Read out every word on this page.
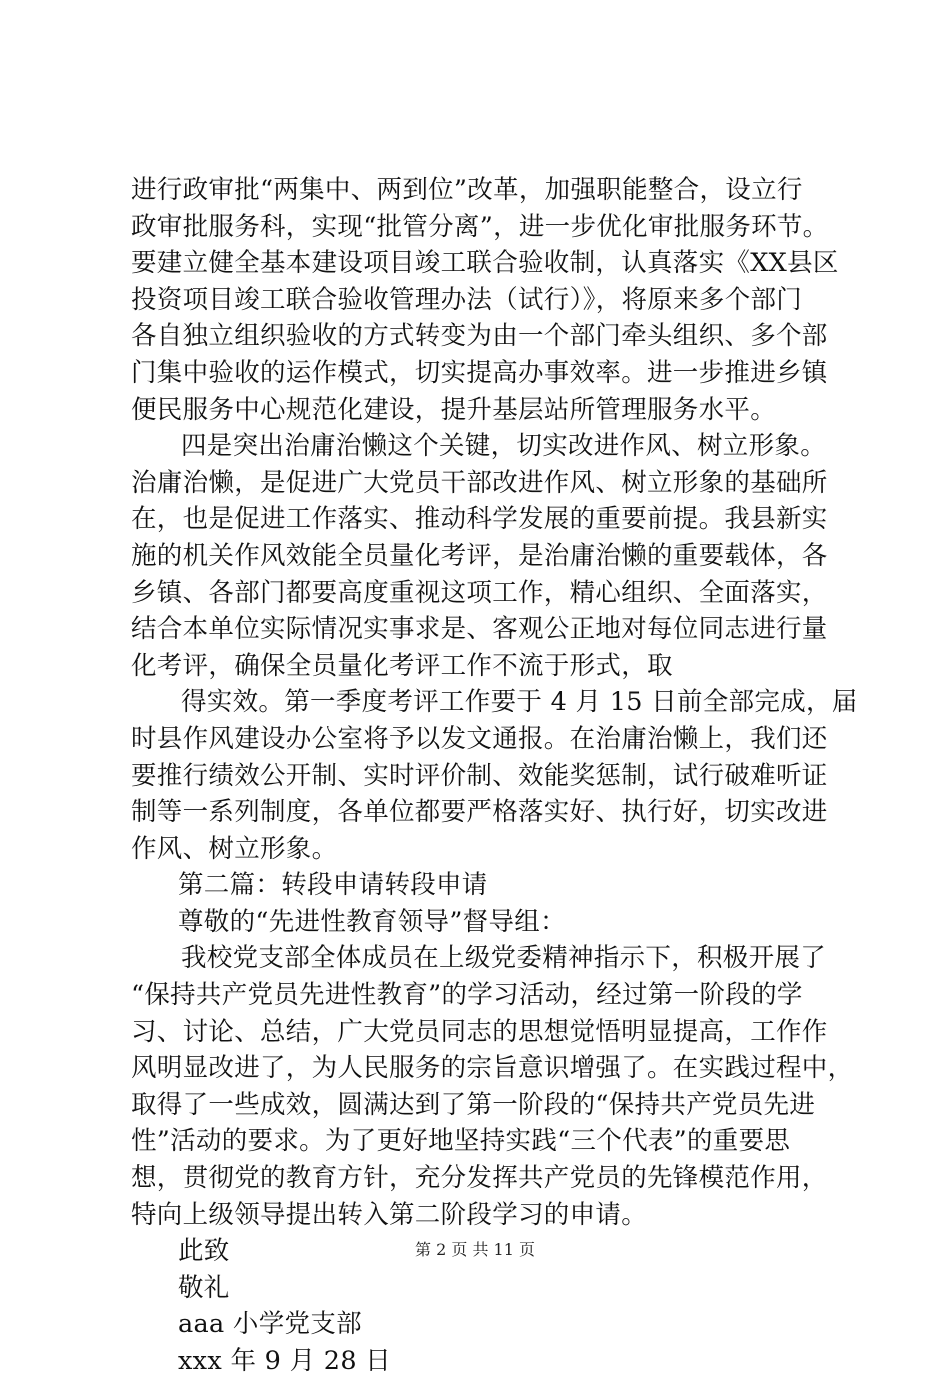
进行政审批“两集中、两到位”改革，加强职能整合，设立行
政审批服务科，实现“批管分离”，进一步优化审批服务环节。
要建立健全基本建设项目竣工联合验收制，认真落实《XX县区
投资项目竣工联合验收管理办法（试行）》，将原来多个部门
各自独立组织验收的方式转变为由一个部门牵头组织、多个部
门集中验收的运作模式，切实提高办事效率。进一步推进乡镇
便民服务中心规范化建设，提升基层站所管理服务水平。
四是突出治庸治懒这个关键，切实改进作风、树立形象。
治庸治懒，是促进广大党员干部改进作风、树立形象的基础所
在，也是促进工作落实、推动科学发展的重要前提。我县新实
施的机关作风效能全员量化考评，是治庸治懒的重要载体，各
乡镇、各部门都要高度重视这项工作，精心组织、全面落实，
结合本单位实际情况实事求是、客观公正地对每位同志进行量
化考评，确保全员量化考评工作不流于形式，取
得实效。第一季度考评工作要于 4 月 15 日前全部完成，届
时县作风建设办公室将予以发文通报。在治庸治懒上，我们还
要推行绩效公开制、实时评价制、效能奖惩制，试行破难听证
制等一系列制度，各单位都要严格落实好、执行好，切实改进
作风、树立形象。
第二篇：转段申请转段申请
尊敬的“先进性教育领导”督导组：
我校党支部全体成员在上级党委精神指示下，积极开展了
“保持共产党员先进性教育”的学习活动，经过第一阶段的学
习、讨论、总结，广大党员同志的思想觉悟明显提高，工作作
风明显改进了，为人民服务的宗旨意识增强了。在实践过程中，
取得了一些成效，圆满达到了第一阶段的“保持共产党员先进
性”活动的要求。为了更好地坚持实践“三个代表”的重要思
想，贯彻党的教育方针，充分发挥共产党员的先锋模范作用，
特向上级领导提出转入第二阶段学习的申请。
此致
敬礼
aaa 小学党支部
xxx 年 9 月 28 日
第 2 页 共 11 页
